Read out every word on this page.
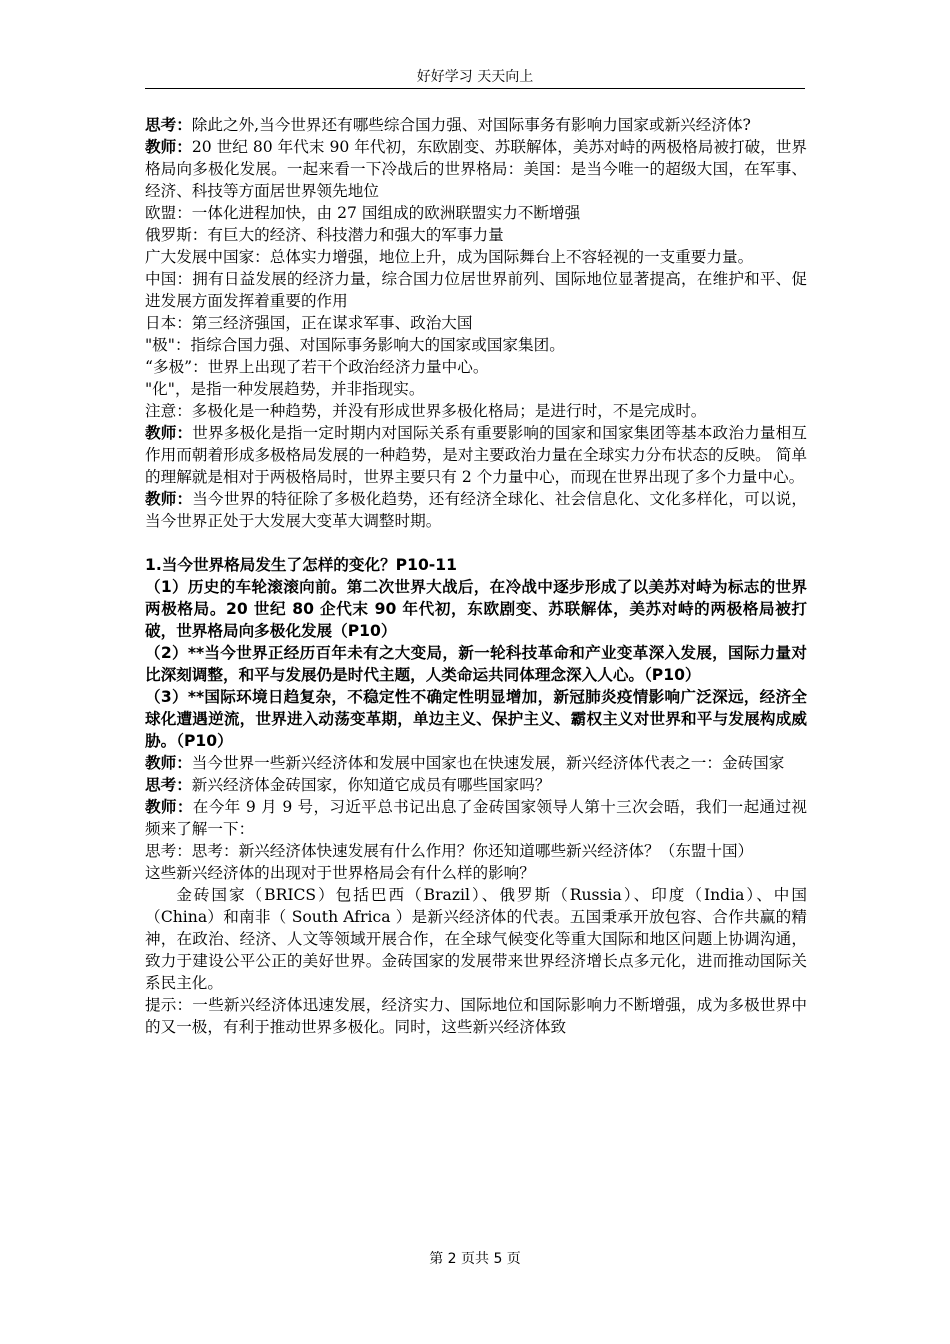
好好学习 天天向上

思考：除此之外,当今世界还有哪些综合国力强、对国际事务有影响力国家或新兴经济体?

教师：20 世纪 80 年代末 90 年代初，东欧剧变、苏联解体，美苏对峙的两极格局被打破，世界格局向多极化发展。一起来看一下冷战后的世界格局：美国：是当今唯一的超级大国，在军事、经济、科技等方面居世界领先地位

欧盟：一体化进程加快，由 27 国组成的欧洲联盟实力不断增强

俄罗斯：有巨大的经济、科技潜力和强大的军事力量

广大发展中国家：总体实力增强，地位上升，成为国际舞台上不容轻视的一支重要力量。

中国：拥有日益发展的经济力量，综合国力位居世界前列、国际地位显著提高，在维护和平、促进发展方面发挥着重要的作用

日本：第三经济强国，正在谋求军事、政治大国

"极"：指综合国力强、对国际事务影响大的国家或国家集团。

“多极”：世界上出现了若干个政治经济力量中心。

"化"，是指一种发展趋势，并非指现实。

注意：多极化是一种趋势，并没有形成世界多极化格局；是进行时，不是完成时。

教师：世界多极化是指一定时期内对国际关系有重要影响的国家和国家集团等基本政治力量相互作用而朝着形成多极格局发展的一种趋势，是对主要政治力量在全球实力分布状态的反映。 简单的理解就是相对于两极格局时，世界主要只有 2 个力量中心，而现在世界出现了多个力量中心。

教师：当今世界的特征除了多极化趋势，还有经济全球化、社会信息化、文化多样化，可以说，当今世界正处于大发展大变革大调整时期。

1.当今世界格局发生了怎样的变化？P10-11

（1）历史的车轮滚滚向前。第二次世界大战后，在冷战中逐步形成了以美苏对峙为标志的世界两极格局。20 世纪 80 企代末 90 年代初，东欧剧变、苏联解体，美苏对峙的两极格局被打破，世界格局向多极化发展（P10）

（2）**当今世界正经历百年未有之大变局，新一轮科技革命和产业变革深入发展，国际力量对比深刻调整，和平与发展仍是时代主题，人类命运共同体理念深入人心。（P10）

（3）**国际环境日趋复杂，不稳定性不确定性明显增加，新冠肺炎疫情影响广泛深远，经济全球化遭遇逆流，世界进入动荡变革期，单边主义、保护主义、霸权主义对世界和平与发展构成威胁。（P10）

教师：当今世界一些新兴经济体和发展中国家也在快速发展，新兴经济体代表之一：金砖国家

思考：新兴经济体金砖国家，你知道它成员有哪些国家吗？

教师：在今年 9 月 9 号，习近平总书记出息了金砖国家领导人第十三次会晤，我们一起通过视频来了解一下：

思考：思考：新兴经济体快速发展有什么作用？你还知道哪些新兴经济体？（东盟十国）

这些新兴经济体的出现对于世界格局会有什么样的影响？

金砖国家（BRICS）包括巴西（Brazil）、俄罗斯（Russia）、印度（India）、中国 （China）和南非（ South Africa ）是新兴经济体的代表。五国秉承开放包容、合作共赢的精神，在政治、经济、人文等领域开展合作，在全球气候变化等重大国际和地区问题上协调沟通，致力于建设公平公正的美好世界。金砖国家的发展带来世界经济增长点多元化，进而推动国际关系民主化。

提示：一些新兴经济体迅速发展，经济实力、国际地位和国际影响力不断增强，成为多极世界中的又一极，有利于推动世界多极化。同时，这些新兴经济体致

第 2 页共 5 页
